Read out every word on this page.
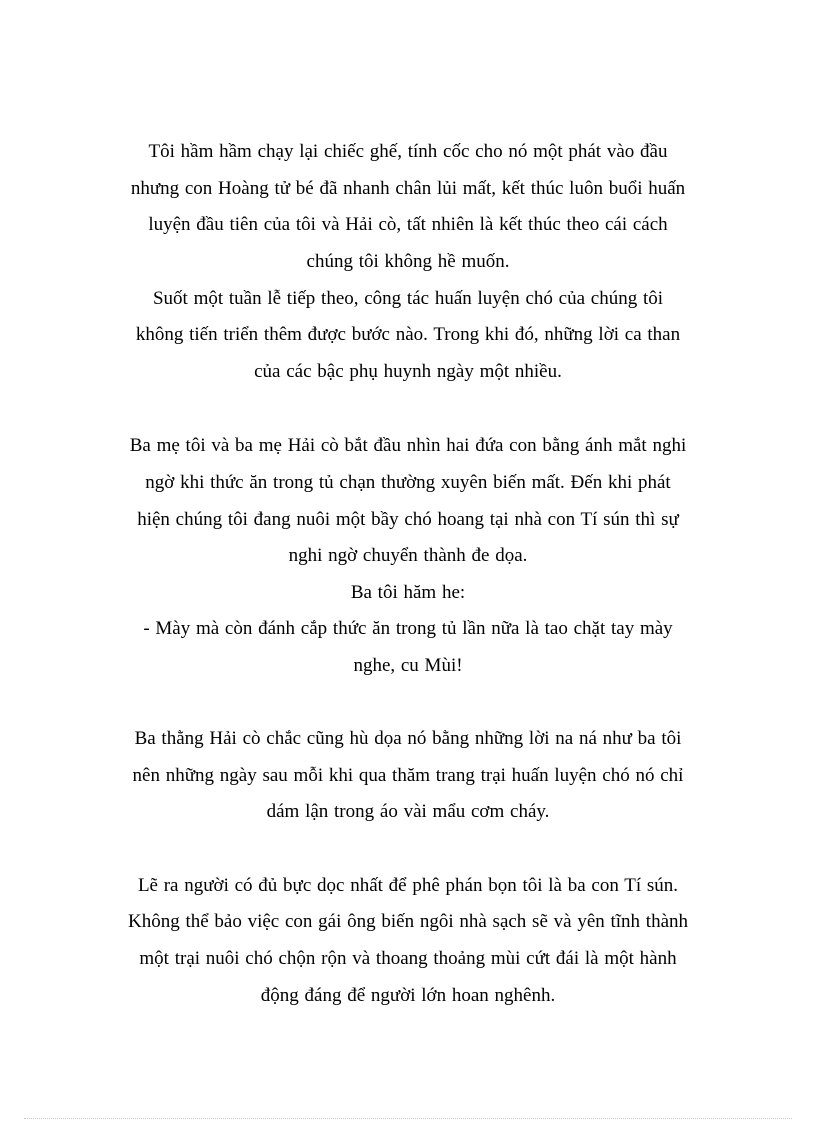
Tôi hầm hầm chạy lại chiếc ghế, tính cốc cho nó một phát vào đầu
nhưng con Hoàng tử bé đã nhanh chân lủi mất, kết thúc luôn buổi huấn
luyện đầu tiên của tôi và Hải cò, tất nhiên là kết thúc theo cái cách
chúng tôi không hề muốn.
Suốt một tuần lễ tiếp theo, công tác huấn luyện chó của chúng tôi
không tiến triển thêm được bước nào. Trong khi đó, những lời ca than
của các bậc phụ huynh ngày một nhiều.
Ba mẹ tôi và ba mẹ Hải cò bắt đầu nhìn hai đứa con bằng ánh mắt nghi
ngờ khi thức ăn trong tủ chạn thường xuyên biến mất. Đến khi phát
hiện chúng tôi đang nuôi một bầy chó hoang tại nhà con Tí sún thì sự
nghi ngờ chuyển thành đe dọa.
Ba tôi hăm he:
- Mày mà còn đánh cắp thức ăn trong tủ lần nữa là tao chặt tay mày
nghe, cu Mùi!
Ba thằng Hải cò chắc cũng hù dọa nó bằng những lời na ná như ba tôi
nên những ngày sau mỗi khi qua thăm trang trại huấn luyện chó nó chỉ
dám lận trong áo vài mẩu cơm cháy.
Lẽ ra người có đủ bực dọc nhất để phê phán bọn tôi là ba con Tí sún.
Không thể bảo việc con gái ông biến ngôi nhà sạch sẽ và yên tĩnh thành
một trại nuôi chó chộn rộn và thoang thoảng mùi cứt đái là một hành
động đáng để người lớn hoan nghênh.
